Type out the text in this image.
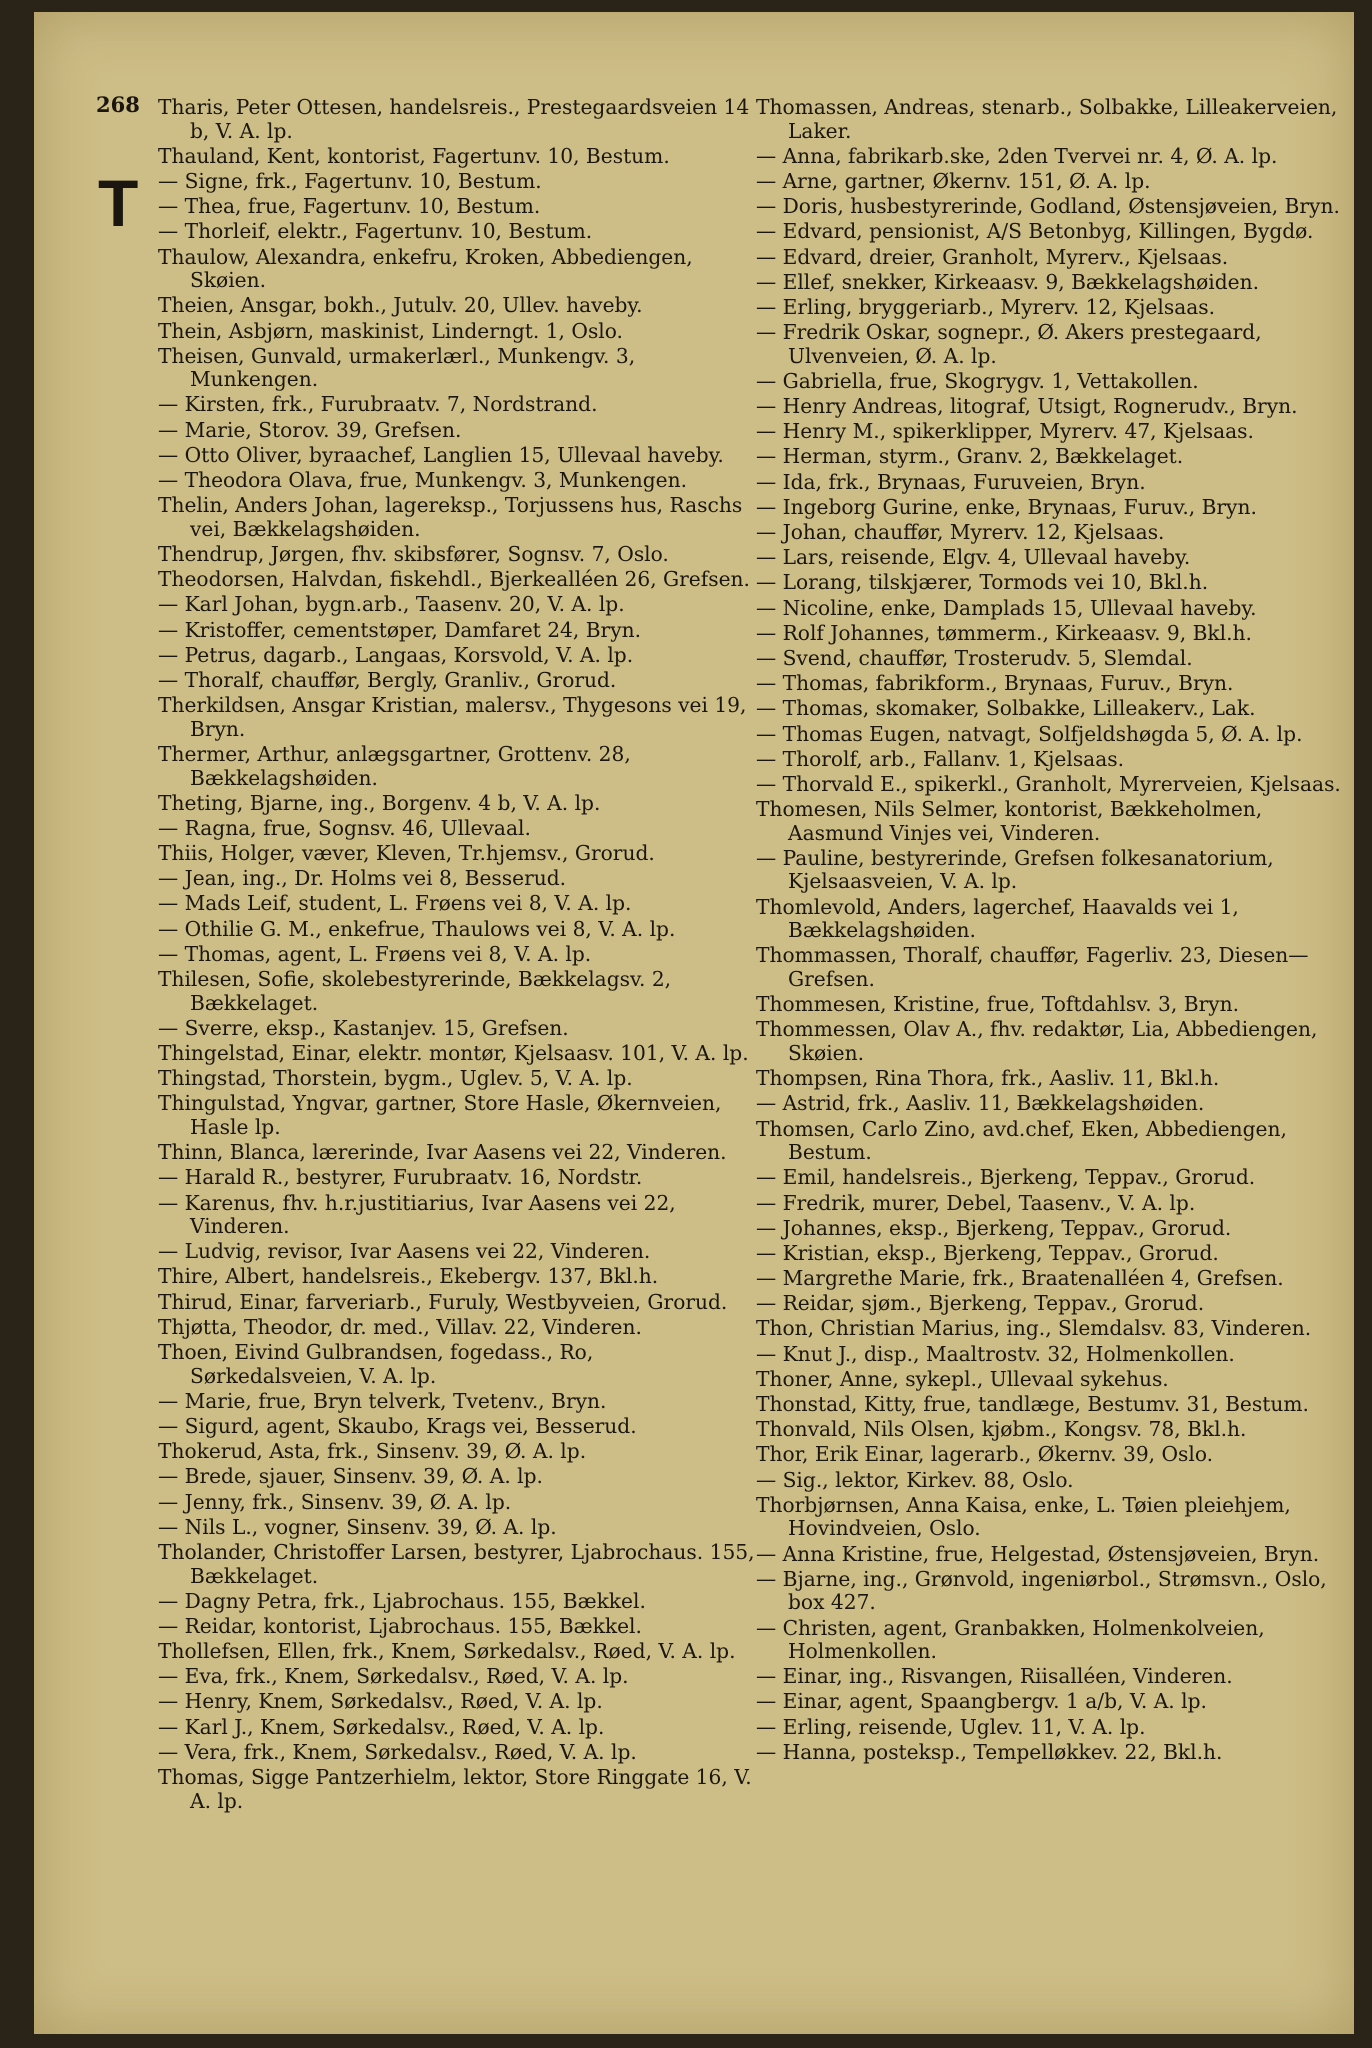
268
T

Tharis, Peter Ottesen, handelsreis., Prestegaardsveien 14 b, V. A. lp.

Thauland, Kent, kontorist, Fagertunv. 10, Bestum.

— Signe, frk., Fagertunv. 10, Bestum.

— Thea, frue, Fagertunv. 10, Bestum.

— Thorleif, elektr., Fagertunv. 10, Bestum.

Thaulow, Alexandra, enkefru, Kroken, Abbediengen, Skøien.

Theien, Ansgar, bokh., Jutulv. 20, Ullev. haveby.

Thein, Asbjørn, maskinist, Linderngt. 1, Oslo.

Theisen, Gunvald, urmakerlærl., Munkengv. 3, Munkengen.

— Kirsten, frk., Furubraatv. 7, Nordstrand.

— Marie, Storov. 39, Grefsen.

— Otto Oliver, byraachef, Langlien 15, Ullevaal haveby.

— Theodora Olava, frue, Munkengv. 3, Munkengen.

Thelin, Anders Johan, lagereksp., Torjussens hus, Raschs vei, Bækkelagshøiden.

Thendrup, Jørgen, fhv. skibsfører, Sognsv. 7, Oslo.

Theodorsen, Halvdan, fiskehdl., Bjerkealléen 26, Grefsen.

— Karl Johan, bygn.arb., Taasenv. 20, V. A. lp.

— Kristoffer, cementstøper, Damfaret 24, Bryn.

— Petrus, dagarb., Langaas, Korsvold, V. A. lp.

— Thoralf, chauffør, Bergly, Granliv., Grorud.

Therkildsen, Ansgar Kristian, malersv., Thygesons vei 19, Bryn.

Thermer, Arthur, anlægsgartner, Grottenv. 28, Bækkelagshøiden.

Theting, Bjarne, ing., Borgenv. 4 b, V. A. lp.

— Ragna, frue, Sognsv. 46, Ullevaal.

Thiis, Holger, væver, Kleven, Tr.hjemsv., Grorud.

— Jean, ing., Dr. Holms vei 8, Besserud.

— Mads Leif, student, L. Frøens vei 8, V. A. lp.

— Othilie G. M., enkefrue, Thaulows vei 8, V. A. lp.

— Thomas, agent, L. Frøens vei 8, V. A. lp.

Thilesen, Sofie, skolebestyrerinde, Bækkelagsv. 2, Bækkelaget.

— Sverre, eksp., Kastanjev. 15, Grefsen.

Thingelstad, Einar, elektr. montør, Kjelsaasv. 101, V. A. lp.

Thingstad, Thorstein, bygm., Uglev. 5, V. A. lp.

Thingulstad, Yngvar, gartner, Store Hasle, Økernveien, Hasle lp.

Thinn, Blanca, lærerinde, Ivar Aasens vei 22, Vinderen.

— Harald R., bestyrer, Furubraatv. 16, Nordstr.

— Karenus, fhv. h.r.justitiarius, Ivar Aasens vei 22, Vinderen.

— Ludvig, revisor, Ivar Aasens vei 22, Vinderen.

Thire, Albert, handelsreis., Ekebergv. 137, Bkl.h.

Thirud, Einar, farveriarb., Furuly, Westbyveien, Grorud.

Thjøtta, Theodor, dr. med., Villav. 22, Vinderen.

Thoen, Eivind Gulbrandsen, fogedass., Ro, Sørkedalsveien, V. A. lp.

— Marie, frue, Bryn telverk, Tvetenv., Bryn.

— Sigurd, agent, Skaubo, Krags vei, Besserud.

Thokerud, Asta, frk., Sinsenv. 39, Ø. A. lp.

— Brede, sjauer, Sinsenv. 39, Ø. A. lp.

— Jenny, frk., Sinsenv. 39, Ø. A. lp.

— Nils L., vogner, Sinsenv. 39, Ø. A. lp.

Tholander, Christoffer Larsen, bestyrer, Ljabrochaus. 155, Bækkelaget.

— Dagny Petra, frk., Ljabrochaus. 155, Bækkel.

— Reidar, kontorist, Ljabrochaus. 155, Bækkel.

Thollefsen, Ellen, frk., Knem, Sørkedalsv., Røed, V. A. lp.

— Eva, frk., Knem, Sørkedalsv., Røed, V. A. lp.

— Henry, Knem, Sørkedalsv., Røed, V. A. lp.

— Karl J., Knem, Sørkedalsv., Røed, V. A. lp.

— Vera, frk., Knem, Sørkedalsv., Røed, V. A. lp.

Thomas, Sigge Pantzerhielm, lektor, Store Ringgate 16, V. A. lp.

Thomassen, Andreas, stenarb., Solbakke, Lilleakerveien, Laker.

— Anna, fabrikarb.ske, 2den Tvervei nr. 4, Ø. A. lp.

— Arne, gartner, Økernv. 151, Ø. A. lp.

— Doris, husbestyrerinde, Godland, Østensjøveien, Bryn.

— Edvard, pensionist, A/S Betonbyg, Killingen, Bygdø.

— Edvard, dreier, Granholt, Myrerv., Kjelsaas.

— Ellef, snekker, Kirkeaasv. 9, Bækkelagshøiden.

— Erling, bryggeriarb., Myrerv. 12, Kjelsaas.

— Fredrik Oskar, sognepr., Ø. Akers prestegaard, Ulvenveien, Ø. A. lp.

— Gabriella, frue, Skogrygv. 1, Vettakollen.

— Henry Andreas, litograf, Utsigt, Rognerudv., Bryn.

— Henry M., spikerklipper, Myrerv. 47, Kjelsaas.

— Herman, styrm., Granv. 2, Bækkelaget.

— Ida, frk., Brynaas, Furuveien, Bryn.

— Ingeborg Gurine, enke, Brynaas, Furuv., Bryn.

— Johan, chauffør, Myrerv. 12, Kjelsaas.

— Lars, reisende, Elgv. 4, Ullevaal haveby.

— Lorang, tilskjærer, Tormods vei 10, Bkl.h.

— Nicoline, enke, Damplads 15, Ullevaal haveby.

— Rolf Johannes, tømmerm., Kirkeaasv. 9, Bkl.h.

— Svend, chauffør, Trosterudv. 5, Slemdal.

— Thomas, fabrikform., Brynaas, Furuv., Bryn.

— Thomas, skomaker, Solbakke, Lilleakerv., Lak.

— Thomas Eugen, natvagt, Solfjeldshøgda 5, Ø. A. lp.

— Thorolf, arb., Fallanv. 1, Kjelsaas.

— Thorvald E., spikerkl., Granholt, Myrerveien, Kjelsaas.

Thomesen, Nils Selmer, kontorist, Bækkeholmen, Aasmund Vinjes vei, Vinderen.

— Pauline, bestyrerinde, Grefsen folkesanatorium, Kjelsaasveien, V. A. lp.

Thomlevold, Anders, lagerchef, Haavalds vei 1, Bækkelagshøiden.

Thommassen, Thoralf, chauffør, Fagerliv. 23, Diesen—Grefsen.

Thommesen, Kristine, frue, Toftdahlsv. 3, Bryn.

Thommessen, Olav A., fhv. redaktør, Lia, Abbediengen, Skøien.

Thompsen, Rina Thora, frk., Aasliv. 11, Bkl.h.

— Astrid, frk., Aasliv. 11, Bækkelagshøiden.

Thomsen, Carlo Zino, avd.chef, Eken, Abbediengen, Bestum.

— Emil, handelsreis., Bjerkeng, Teppav., Grorud.

— Fredrik, murer, Debel, Taasenv., V. A. lp.

— Johannes, eksp., Bjerkeng, Teppav., Grorud.

— Kristian, eksp., Bjerkeng, Teppav., Grorud.

— Margrethe Marie, frk., Braatenalléen 4, Grefsen.

— Reidar, sjøm., Bjerkeng, Teppav., Grorud.

Thon, Christian Marius, ing., Slemdalsv. 83, Vinderen.

— Knut J., disp., Maaltrostv. 32, Holmenkollen.

Thoner, Anne, sykepl., Ullevaal sykehus.

Thonstad, Kitty, frue, tandlæge, Bestumv. 31, Bestum.

Thonvald, Nils Olsen, kjøbm., Kongsv. 78, Bkl.h.

Thor, Erik Einar, lagerarb., Økernv. 39, Oslo.

— Sig., lektor, Kirkev. 88, Oslo.

Thorbjørnsen, Anna Kaisa, enke, L. Tøien pleiehjem, Hovindveien, Oslo.

— Anna Kristine, frue, Helgestad, Østensjøveien, Bryn.

— Bjarne, ing., Grønvold, ingeniørbol., Strømsvn., Oslo, box 427.

— Christen, agent, Granbakken, Holmenkolveien, Holmenkollen.

— Einar, ing., Risvangen, Riisalléen, Vinderen.

— Einar, agent, Spaangbergv. 1 a/b, V. A. lp.

— Erling, reisende, Uglev. 11, V. A. lp.

— Hanna, posteksp., Tempelløkkev. 22, Bkl.h.
